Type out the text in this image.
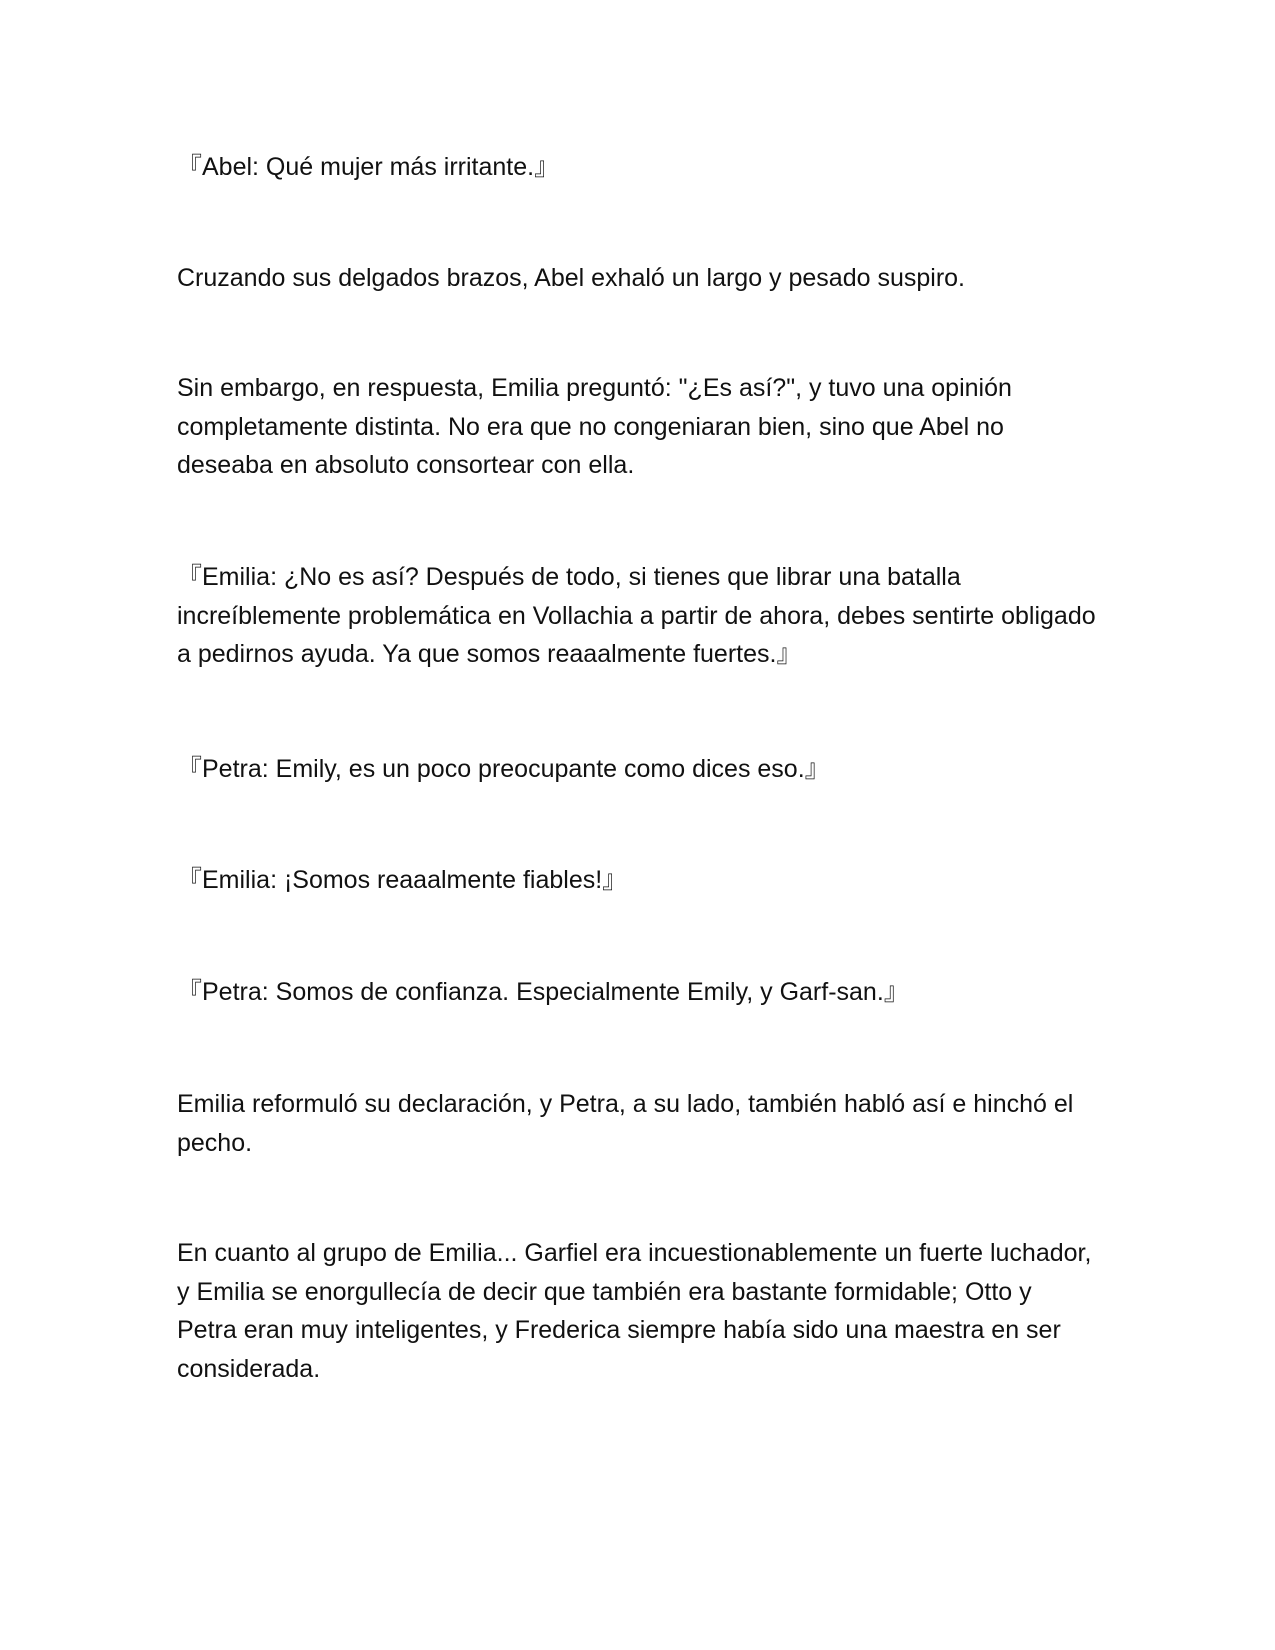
『Abel: Qué mujer más irritante.』

Cruzando sus delgados brazos, Abel exhaló un largo y pesado suspiro.

Sin embargo, en respuesta, Emilia preguntó: "¿Es así?", y tuvo una opinión completamente distinta. No era que no congeniaran bien, sino que Abel no deseaba en absoluto consortear con ella.

『Emilia: ¿No es así? Después de todo, si tienes que librar una batalla increíblemente problemática en Vollachia a partir de ahora, debes sentirte obligado a pedirnos ayuda. Ya que somos reaaalmente fuertes.』

『Petra: Emily, es un poco preocupante como dices eso.』

『Emilia: ¡Somos reaaalmente fiables!』

『Petra: Somos de confianza. Especialmente Emily, y Garf-san.』

Emilia reformuló su declaración, y Petra, a su lado, también habló así e hinchó el pecho.

En cuanto al grupo de Emilia... Garfiel era incuestionablemente un fuerte luchador, y Emilia se enorgullecía de decir que también era bastante formidable; Otto y Petra eran muy inteligentes, y Frederica siempre había sido una maestra en ser considerada.
